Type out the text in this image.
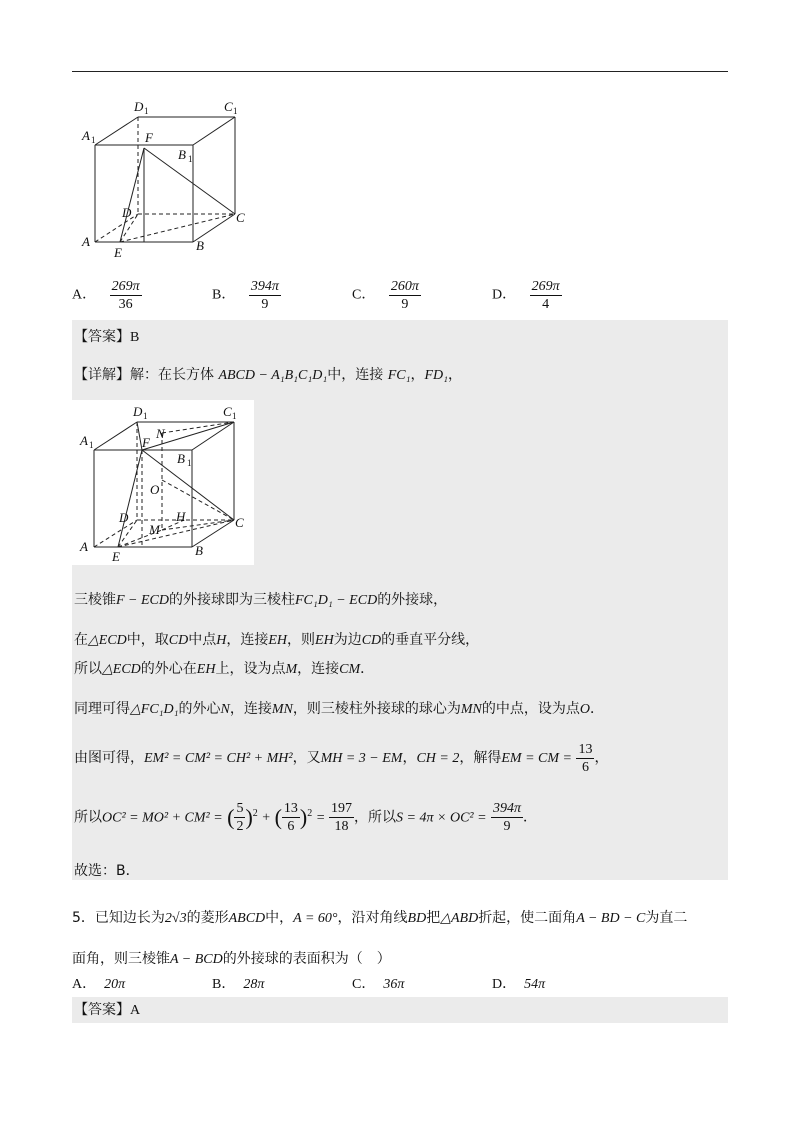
A 1
D 1	C 1
F
B 1
D	C
A
E	B
A． $\frac{269\pi}{36}$	B． $\frac{394\pi}{9}$	C． $\frac{260\pi}{9}$	D． $\frac{269\pi}{4}$
【答案】B
【详解】解：在长方体 ABCD − A₁B₁C₁D₁中，连接 FC₁，FD₁，
A 1
D 1	C 1
F
N
B 1
O
H
D
M	C
A
E	B
三棱锥F − ECD的外接球即为三棱柱FC₁D₁ − ECD的外接球，
在△ECD中，取CD中点H，连接EH，则EH为边CD的垂直平分线，
所以△ECD的外心在EH上，设为点M，连接CM．
同理可得△FC₁D₁的外心N，连接MN，则三棱柱外接球的球心为MN的中点，设为点O．
由图可得，EM² = CM² = CH² + MH²，又MH = 3 − EM，CH = 2，解得EM = CM = $\frac{13}{6}$ ，
所以OC² = MO² + CM² = ( $\frac{5}{2} )^2$ + ( $\frac{13}{6} )^2 = \frac{197}{18}$ ，所以$S = 4\pi \times OC^2 = \frac{394\pi}{9}$ ．
故选：B．
5．已知边长为2√3的菱形ABCD中，A = 60°，沿对角线BD把△ABD折起，使二面角A − BD − C为直二
面角，则三棱锥A − BCD的外接球的表面积为（　）
A． 20π	B． 28π	C． 36π	D． 54π
【答案】A
